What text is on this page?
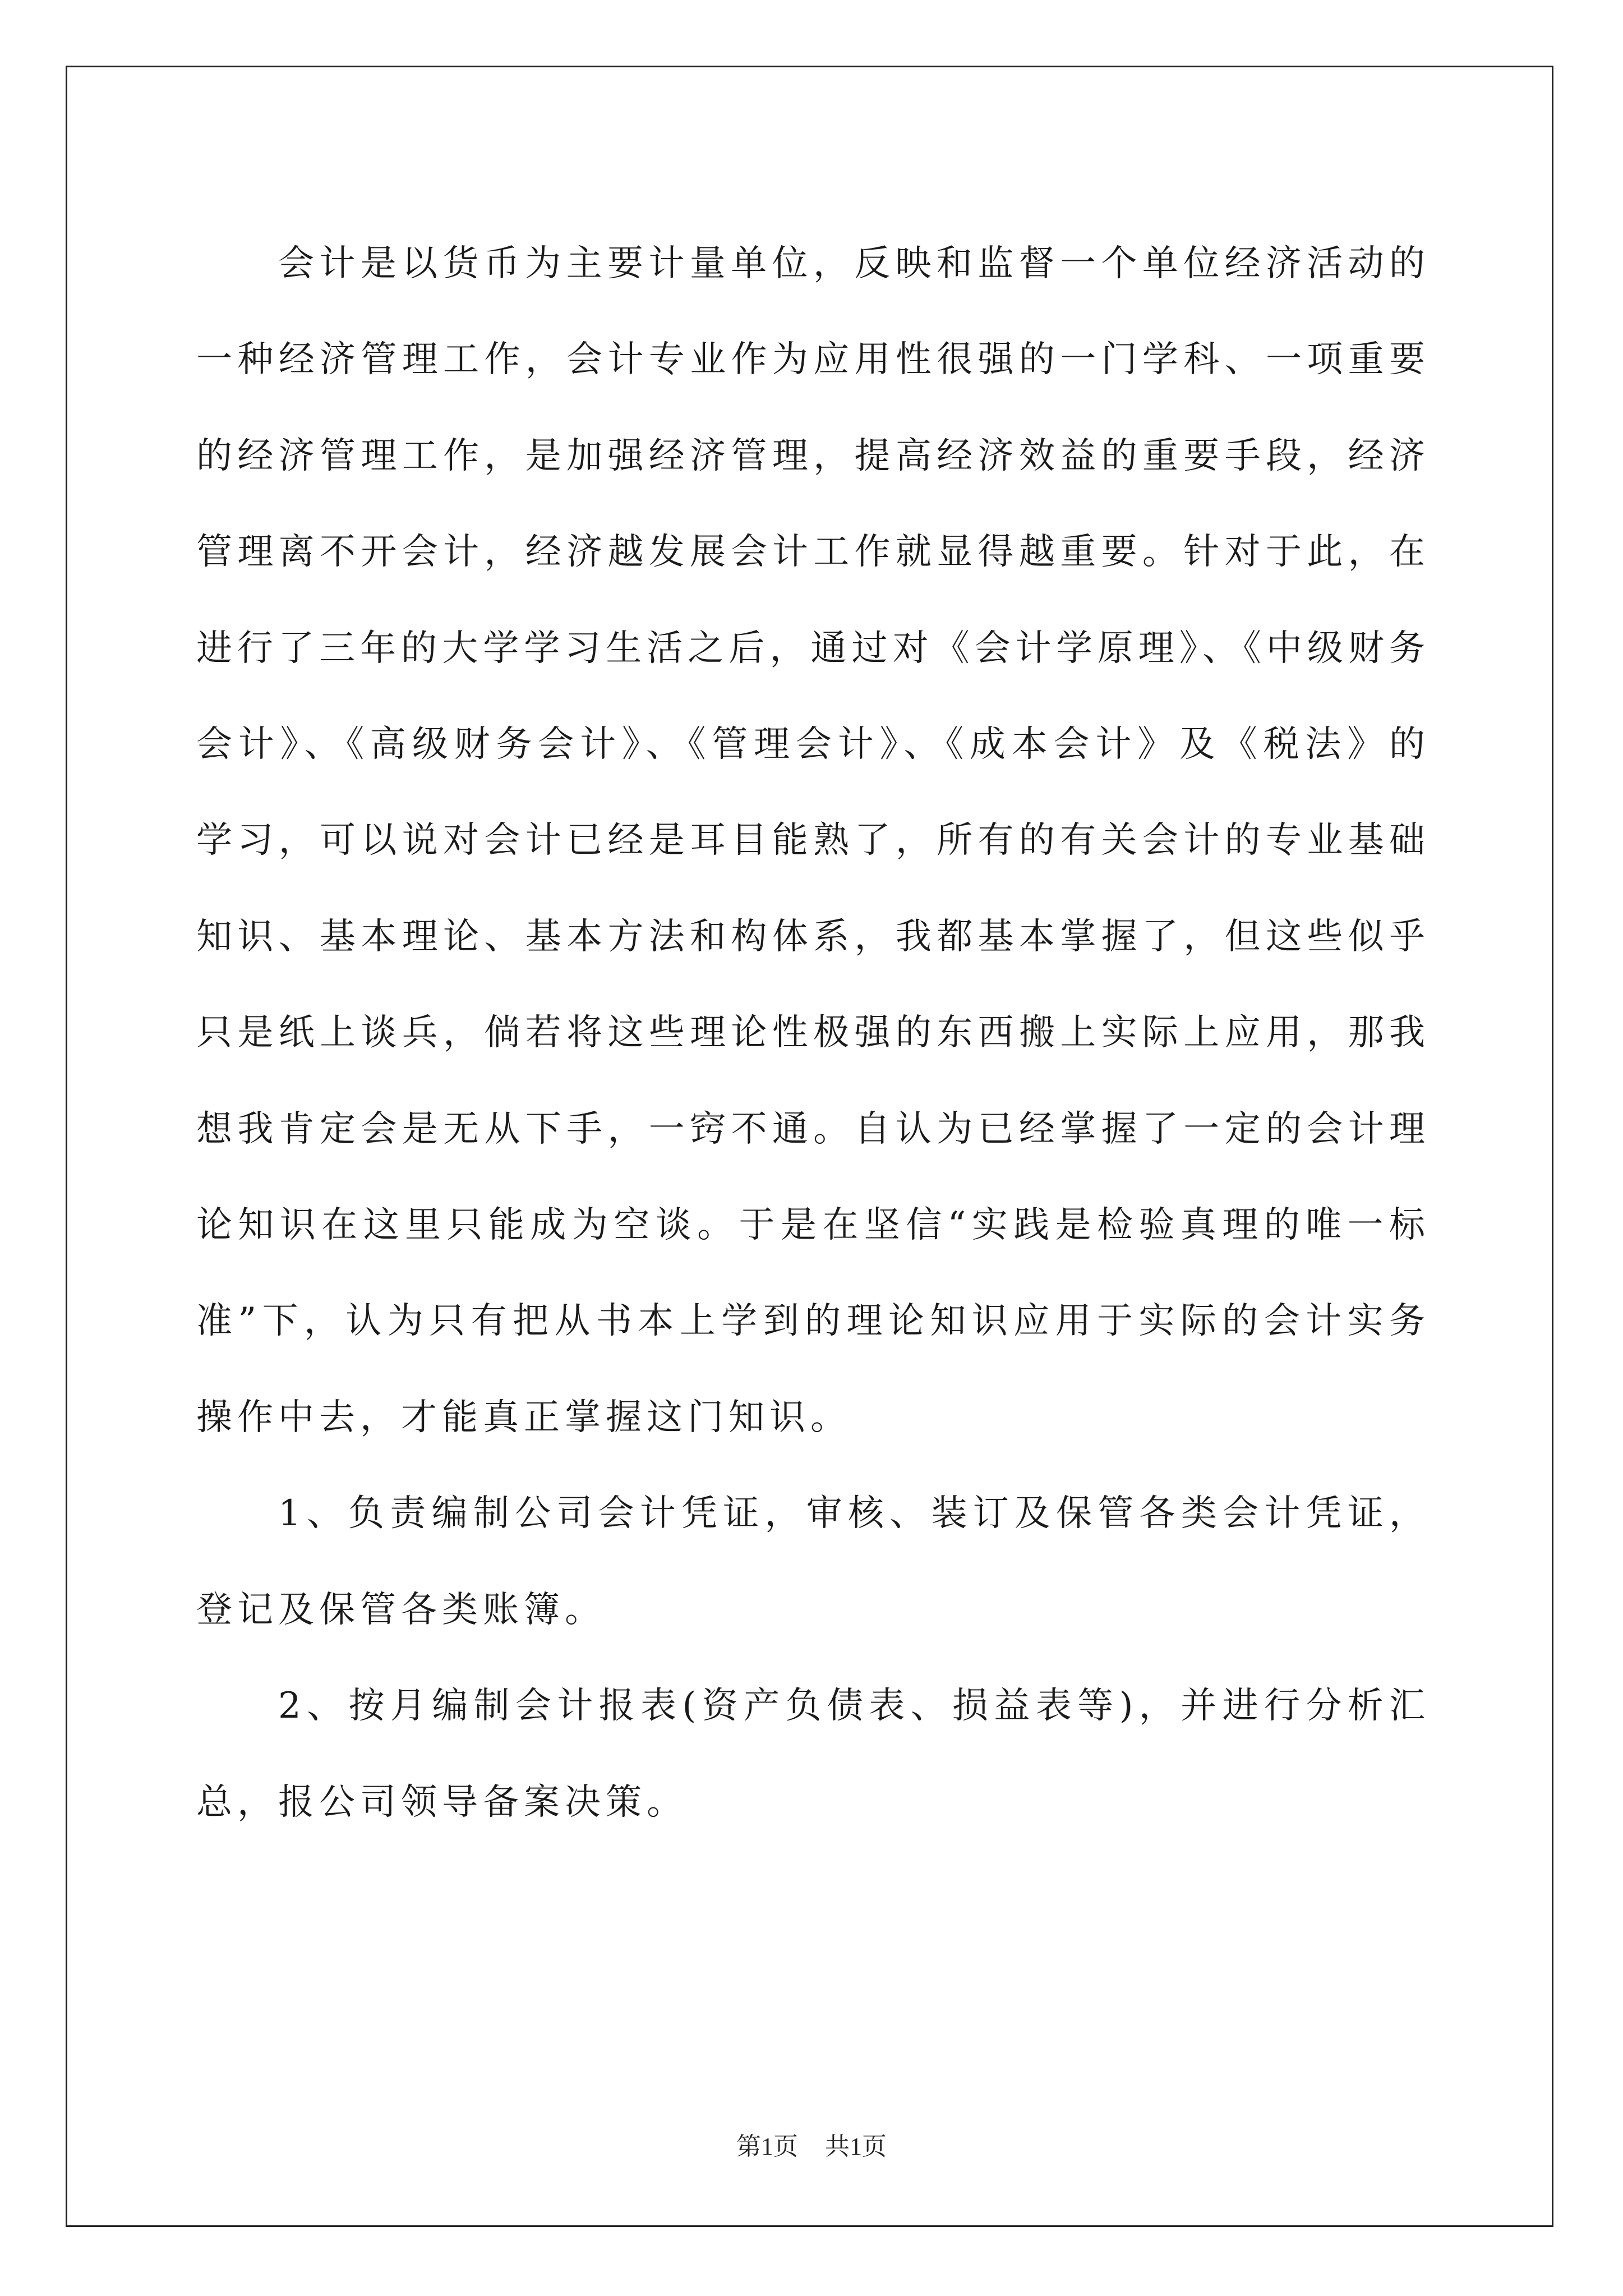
会计是以货币为主要计量单位，反映和监督一个单位经济活动的一种经济管理工作，会计专业作为应用性很强的一门学科、一项重要的经济管理工作，是加强经济管理，提高经济效益的重要手段，经济管理离不开会计，经济越发展会计工作就显得越重要。针对于此，在进行了三年的大学学习生活之后，通过对《会计学原理》、《中级财务会计》、《高级财务会计》、《管理会计》、《成本会计》及《税法》的学习，可以说对会计已经是耳目能熟了，所有的有关会计的专业基础知识、基本理论、基本方法和构体系，我都基本掌握了，但这些似乎只是纸上谈兵，倘若将这些理论性极强的东西搬上实际上应用，那我想我肯定会是无从下手，一窍不通。自认为已经掌握了一定的会计理论知识在这里只能成为空谈。于是在坚信“实践是检验真理的唯一标准”下，认为只有把从书本上学到的理论知识应用于实际的会计实务操作中去，才能真正掌握这门知识。

1、负责编制公司会计凭证，审核、装订及保管各类会计凭证，登记及保管各类账簿。

2、按月编制会计报表(资产负债表、损益表等)，并进行分析汇总，报公司领导备案决策。

第1页 共1页
